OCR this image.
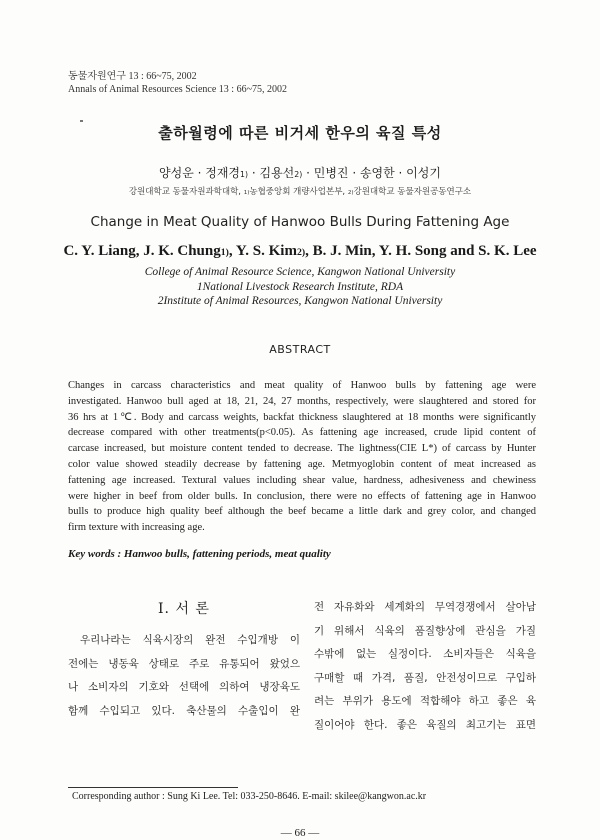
동물자원연구 13 : 66~75, 2002
Annals of Animal Resources Science 13 : 66~75, 2002
출하월령에 따른 비거세 한우의 육질 특성
양성운 · 정재경$^{1)}$ · 김용선$^{2)}$ · 민병진 · 송영한 · 이성기
강원대학교 동물자원과학대학, $^{1)}$농협중앙회 개량사업본부, $^{2)}$강원대학교 동물자원공동연구소
Change in Meat Quality of Hanwoo Bulls During Fattening Age
C. Y. Liang, J. K. Chung$^{1)}$, Y. S. Kim$^{2)}$, B. J. Min, Y. H. Song and S. K. Lee
College of Animal Resource Science, Kangwon National University
1National Livestock Research Institute, RDA
2Institute of Animal Resources, Kangwon National University
ABSTRACT
Changes in carcass characteristics and meat quality of Hanwoo bulls by fattening age were
investigated. Hanwoo bull aged at 18, 21, 24, 27 months, respectively, were slaughtered and stored for
36 hrs at 1℃. Body and carcass weights, backfat thickness slaughtered at 18 months were significantly
decrease compared with other treatments(p<0.05). As fattening age increased, crude lipid content of
carcase increased, but moisture content tended to decrease. The lightness(CIE L*) of carcass by Hunter
color value showed steadily decrease by fattening age. Metmyoglobin content of meat increased as
fattening age increased. Textural values including shear value, hardness, adhesiveness and chewiness
were higher in beef from older bulls. In conclusion, there were no effects of fattening age in Hanwoo
bulls to produce high quality beef although the beef became a little dark and grey color, and changed
firm texture with increasing age.
Key words : Hanwoo bulls, fattening periods, meat quality
Ⅰ. 서 론
우리나라는 식육시장의 완전 수입개방 이
전에는 냉동육 상태로 주로 유통되어 왔었으
나 소비자의 기호와 선택에 의하여 냉장육도
함께 수입되고 있다. 축산물의 수출입이 완
전 자유화와 세계화의 무역경쟁에서 살아남
기 위해서 식육의 품질향상에 관심을 가질
수밖에 없는 실정이다. 소비자들은 식육을
구매할 때 가격, 품질, 안전성이므로 구입하
려는 부위가 용도에 적합해야 하고 좋은 육
질이어야 한다. 좋은 육질의 최고기는 표면
Corresponding author : Sung Ki Lee. Tel: 033-250-8646. E-mail: skilee@kangwon.ac.kr
― 66 ―
